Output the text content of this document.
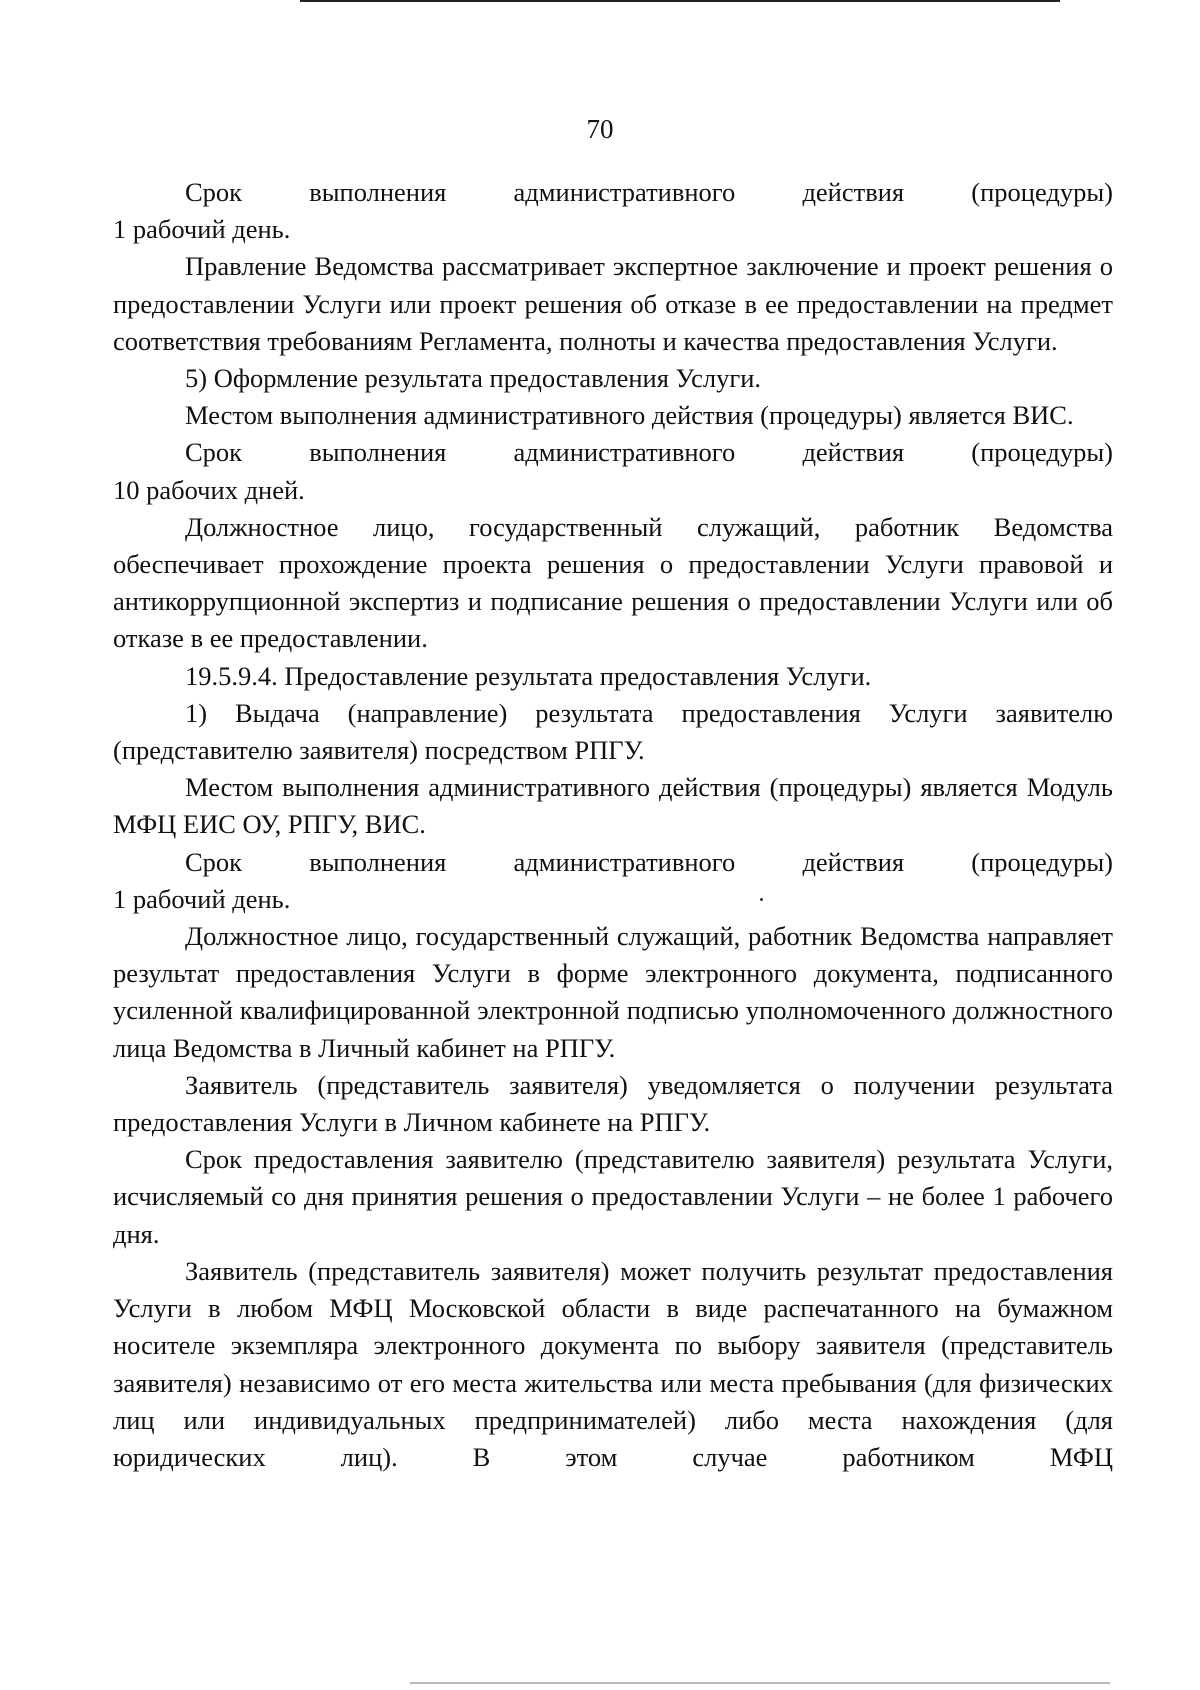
70

Срок выполнения административного действия (процедуры)
1 рабочий день.

Правление Ведомства рассматривает экспертное заключение и проект решения о предоставлении Услуги или проект решения об отказе в ее предоставлении на предмет соответствия требованиям Регламента, полноты и качества предоставления Услуги.

5) Оформление результата предоставления Услуги.

Местом выполнения административного действия (процедуры) является ВИС.

Срок выполнения административного действия (процедуры)
10 рабочих дней.

Должностное лицо, государственный служащий, работник Ведомства обеспечивает прохождение проекта решения о предоставлении Услуги правовой и антикоррупционной экспертиз и подписание решения о предоставлении Услуги или об отказе в ее предоставлении.

19.5.9.4. Предоставление результата предоставления Услуги.

1) Выдача (направление) результата предоставления Услуги заявителю (представителю заявителя) посредством РПГУ.

Местом выполнения административного действия (процедуры) является Модуль МФЦ ЕИС ОУ, РПГУ, ВИС.

Срок выполнения административного действия (процедуры)
1 рабочий день.

Должностное лицо, государственный служащий, работник Ведомства направляет результат предоставления Услуги в форме электронного документа, подписанного усиленной квалифицированной электронной подписью уполномоченного должностного лица Ведомства в Личный кабинет на РПГУ.

Заявитель (представитель заявителя) уведомляется о получении результата предоставления Услуги в Личном кабинете на РПГУ.

Срок предоставления заявителю (представителю заявителя) результата Услуги, исчисляемый со дня принятия решения о предоставлении Услуги – не более 1 рабочего дня.

Заявитель (представитель заявителя) может получить результат предоставления Услуги в любом МФЦ Московской области в виде распечатанного на бумажном носителе экземпляра электронного документа по выбору заявителя (представитель заявителя) независимо от его места жительства или места пребывания (для физических лиц или индивидуальных предпринимателей) либо места нахождения (для юридических лиц). В этом случае работником МФЦ
